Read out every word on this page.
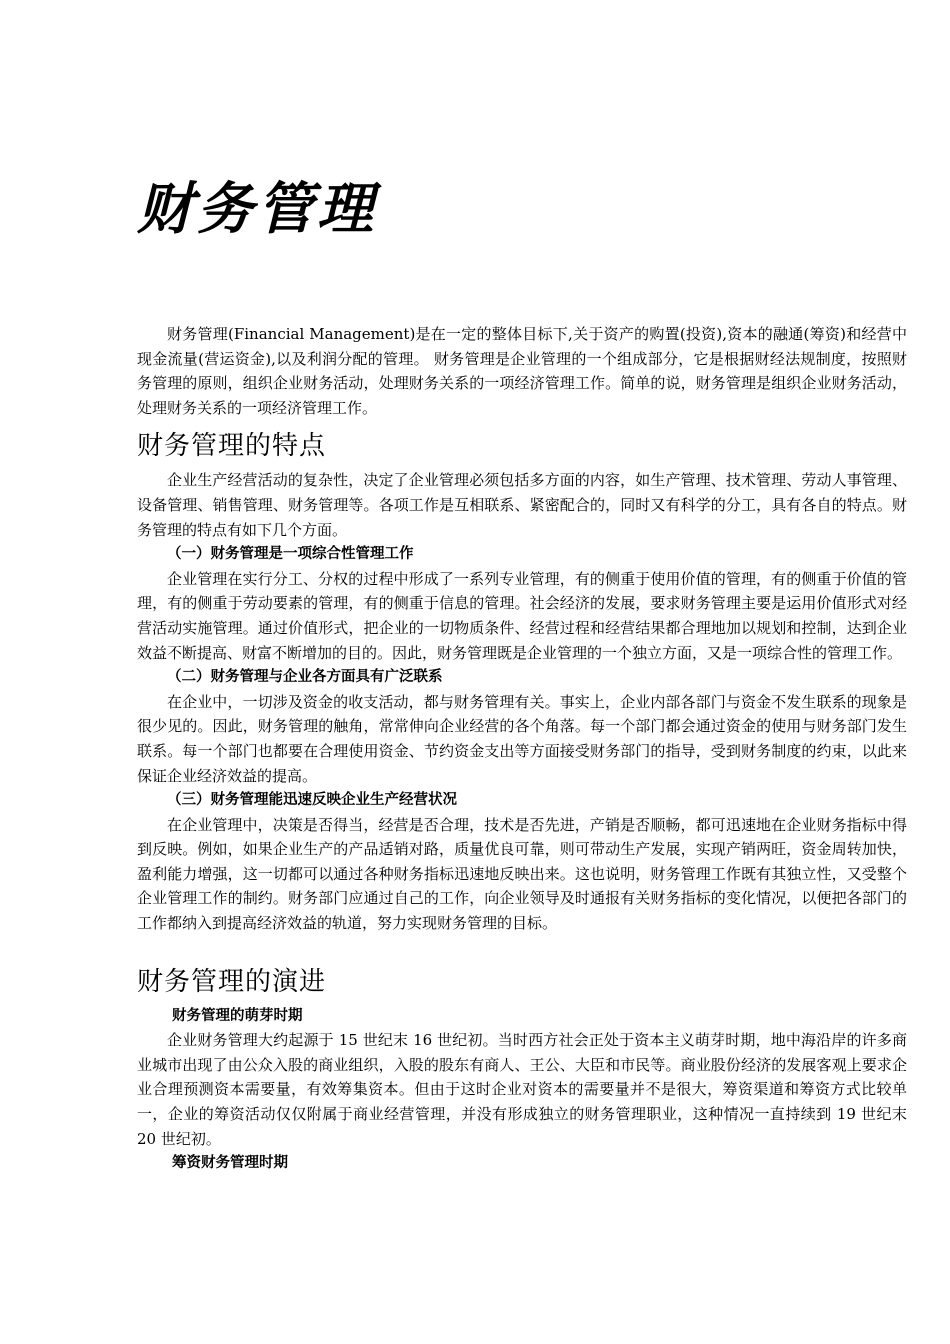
财务管理

财务管理(Financial Management)是在一定的整体目标下,关于资产的购置(投资),资本的融通(筹资)和经营中现金流量(营运资金),以及利润分配的管理。 财务管理是企业管理的一个组成部分，它是根据财经法规制度，按照财务管理的原则，组织企业财务活动，处理财务关系的一项经济管理工作。简单的说，财务管理是组织企业财务活动，处理财务关系的一项经济管理工作。

财务管理的特点

企业生产经营活动的复杂性，决定了企业管理必须包括多方面的内容，如生产管理、技术管理、劳动人事管理、设备管理、销售管理、财务管理等。各项工作是互相联系、紧密配合的，同时又有科学的分工，具有各自的特点。财务管理的特点有如下几个方面。

（一）财务管理是一项综合性管理工作

企业管理在实行分工、分权的过程中形成了一系列专业管理，有的侧重于使用价值的管理，有的侧重于价值的管理，有的侧重于劳动要素的管理，有的侧重于信息的管理。社会经济的发展，要求财务管理主要是运用价值形式对经营活动实施管理。通过价值形式，把企业的一切物质条件、经营过程和经营结果都合理地加以规划和控制，达到企业效益不断提高、财富不断增加的目的。因此，财务管理既是企业管理的一个独立方面，又是一项综合性的管理工作。

（二）财务管理与企业各方面具有广泛联系

在企业中，一切涉及资金的收支活动，都与财务管理有关。事实上，企业内部各部门与资金不发生联系的现象是很少见的。因此，财务管理的触角，常常伸向企业经营的各个角落。每一个部门都会通过资金的使用与财务部门发生联系。每一个部门也都要在合理使用资金、节约资金支出等方面接受财务部门的指导，受到财务制度的约束，以此来保证企业经济效益的提高。

（三）财务管理能迅速反映企业生产经营状况

在企业管理中，决策是否得当，经营是否合理，技术是否先进，产销是否顺畅，都可迅速地在企业财务指标中得到反映。例如，如果企业生产的产品适销对路，质量优良可靠，则可带动生产发展，实现产销两旺，资金周转加快，盈利能力增强，这一切都可以通过各种财务指标迅速地反映出来。这也说明，财务管理工作既有其独立性，又受整个企业管理工作的制约。财务部门应通过自己的工作，向企业领导及时通报有关财务指标的变化情况，以便把各部门的工作都纳入到提高经济效益的轨道，努力实现财务管理的目标。

财务管理的演进
财务管理的萌芽时期

企业财务管理大约起源于 15 世纪末 16 世纪初。当时西方社会正处于资本主义萌芽时期，地中海沿岸的许多商业城市出现了由公众入股的商业组织，入股的股东有商人、王公、大臣和市民等。商业股份经济的发展客观上要求企业合理预测资本需要量，有效筹集资本。但由于这时企业对资本的需要量并不是很大，筹资渠道和筹资方式比较单一，企业的筹资活动仅仅附属于商业经营管理，并没有形成独立的财务管理职业，这种情况一直持续到 19 世纪末 20 世纪初。

筹资财务管理时期
